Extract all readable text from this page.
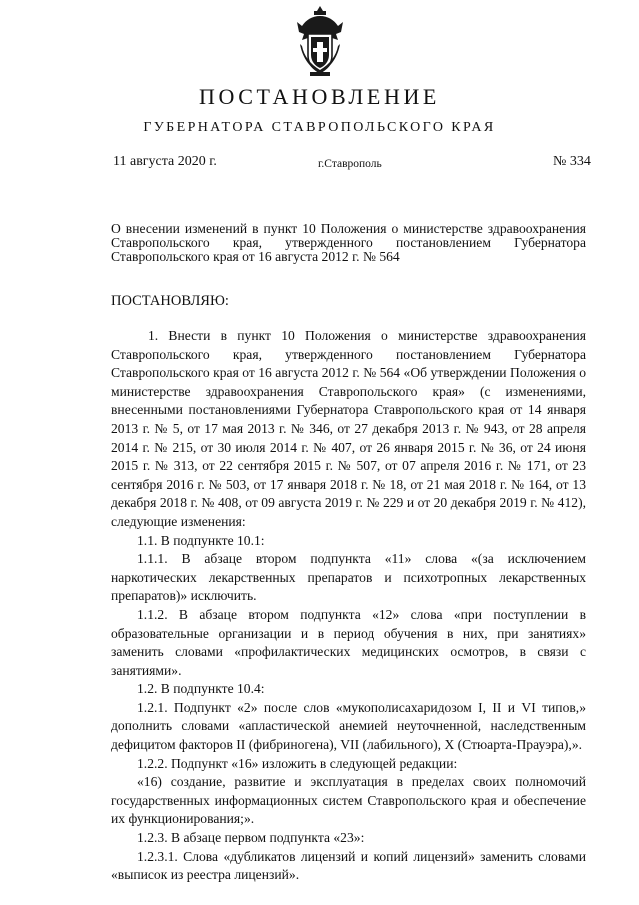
ПОСТАНОВЛЕНИЕ
ГУБЕРНАТОРА СТАВРОПОЛЬСКОГО КРАЯ
11 августа 2020 г.	г.Ставрополь	№ 334
О внесении изменений в пункт 10 Положения о министерстве здравоохранения Ставропольского края, утвержденного постановлением Губернатора Ставропольского края от 16 августа 2012 г. № 564
ПОСТАНОВЛЯЮ:

1. Внести в пункт 10 Положения о министерстве здравоохранения Ставропольского края, утвержденного постановлением Губернатора Ставропольского края от 16 августа 2012 г. № 564 «Об утверждении Положения о министерстве здравоохранения Ставропольского края» (с изменениями, внесенными постановлениями Губернатора Ставропольского края от 14 января 2013 г. № 5, от 17 мая 2013 г. № 346, от 27 декабря 2013 г. № 943, от 28 апреля 2014 г. № 215, от 30 июля 2014 г. № 407, от 26 января 2015 г. № 36, от 24 июня 2015 г. № 313, от 22 сентября 2015 г. № 507, от 07 апреля 2016 г. № 171, от 23 сентября 2016 г. № 503, от 17 января 2018 г. № 18, от 21 мая 2018 г. № 164, от 13 декабря 2018 г. № 408, от 09 августа 2019 г. № 229 и от 20 декабря 2019 г. № 412), следующие изменения:

1.1. В подпункте 10.1:

1.1.1. В абзаце втором подпункта «11» слова «(за исключением наркотических лекарственных препаратов и психотропных лекарственных препаратов)» исключить.

1.1.2. В абзаце втором подпункта «12» слова «при поступлении в образовательные организации и в период обучения в них, при занятиях» заменить словами «профилактических медицинских осмотров, в связи с занятиями».

1.2. В подпункте 10.4:

1.2.1. Подпункт «2» после слов «мукополисахаридозом I, II и VI типов,» дополнить словами «апластической анемией неуточненной, наследственным дефицитом факторов II (фибриногена), VII (лабильного), X (Стюарта-Прауэра),».

1.2.2. Подпункт «16» изложить в следующей редакции:

«16) создание, развитие и эксплуатация в пределах своих полномочий государственных информационных систем Ставропольского края и обеспечение их функционирования;».

1.2.3. В абзаце первом подпункта «23»:

1.2.3.1. Слова «дубликатов лицензий и копий лицензий» заменить словами «выписок из реестра лицензий».
